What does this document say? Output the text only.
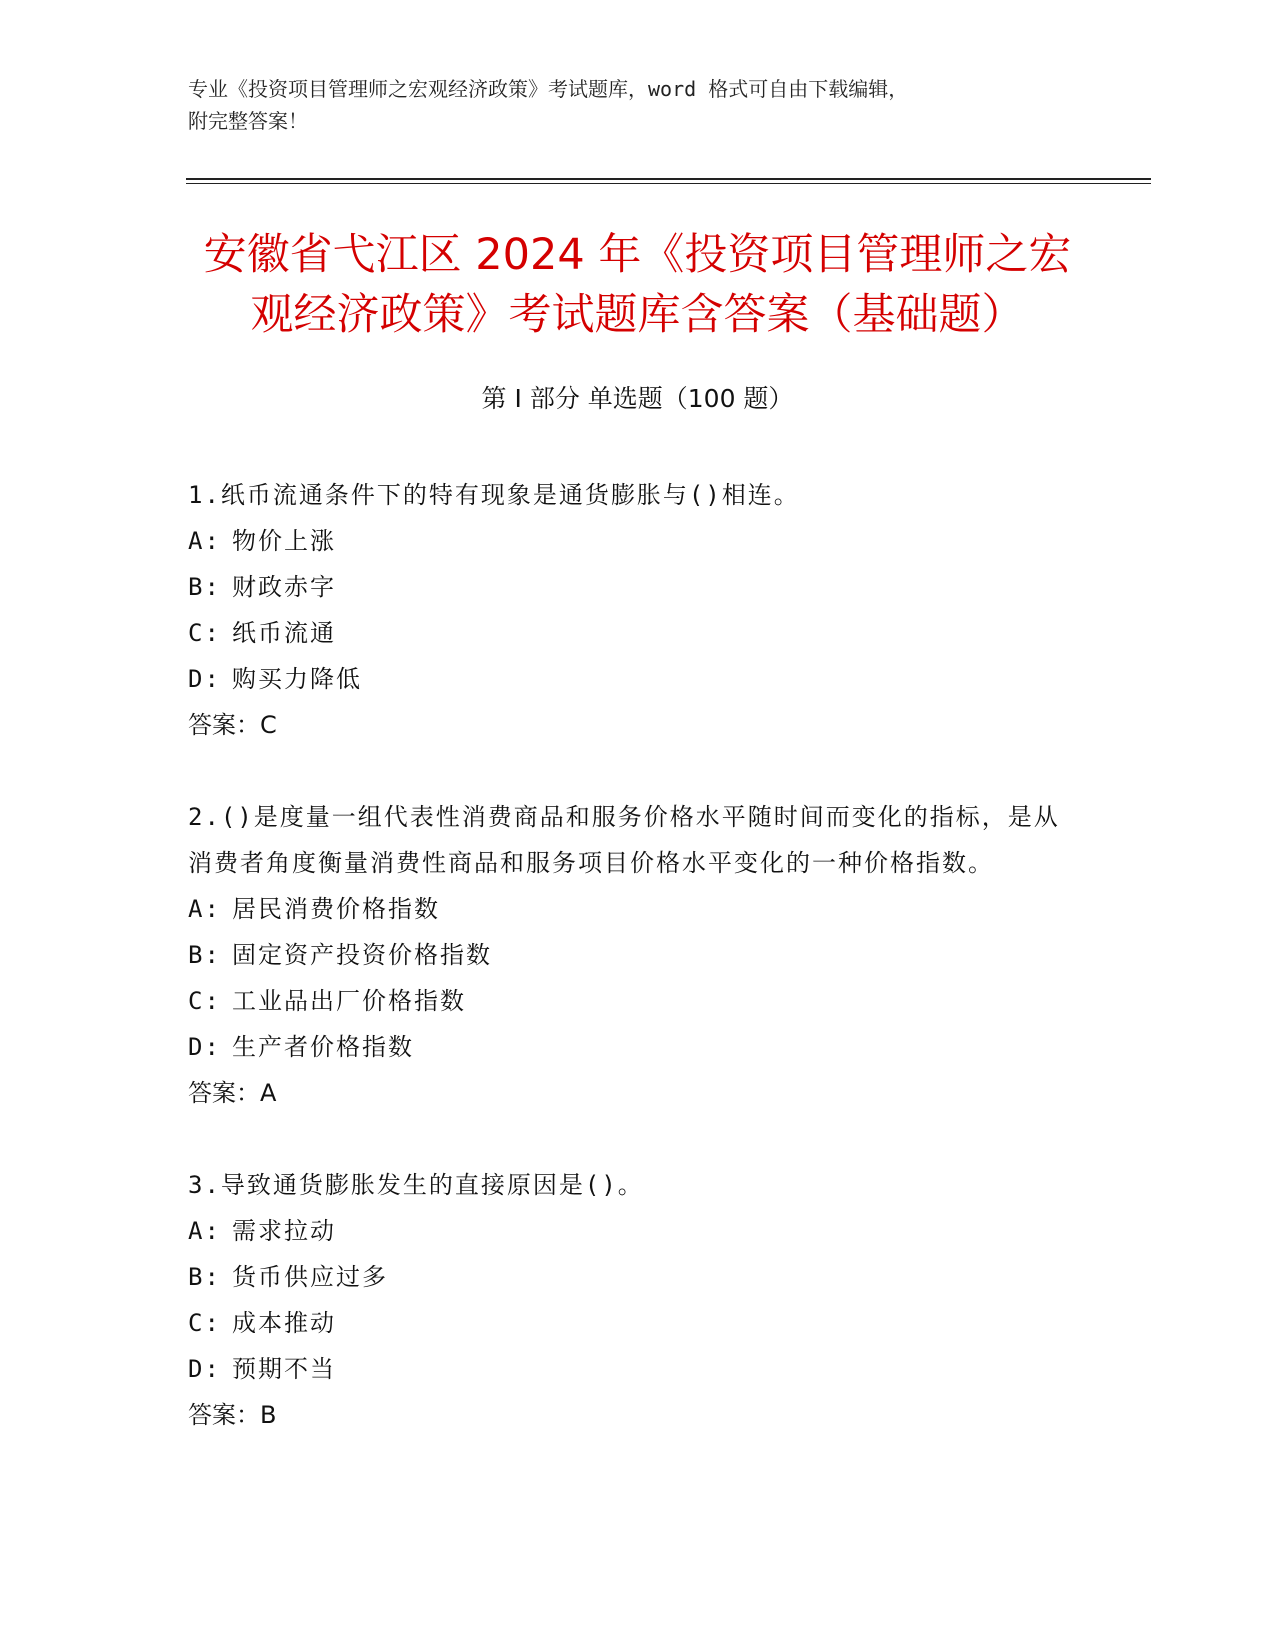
专业《投资项目管理师之宏观经济政策》考试题库，word 格式可自由下载编辑，
附完整答案！
安徽省弋江区 2024 年《投资项目管理师之宏
观经济政策》考试题库含答案（基础题）
第 I 部分 单选题（100 题）

1.纸币流通条件下的特有现象是通货膨胀与()相连。

A: 物价上涨
B: 财政赤字
C: 纸币流通
D: 购买力降低
答案：C

2.()是度量一组代表性消费商品和服务价格水平随时间而变化的指标，是从消费者角度衡量消费性商品和服务项目价格水平变化的一种价格指数。

A: 居民消费价格指数
B: 固定资产投资价格指数
C: 工业品出厂价格指数
D: 生产者价格指数
答案：A

3.导致通货膨胀发生的直接原因是()。

A: 需求拉动
B: 货币供应过多
C: 成本推动
D: 预期不当
答案：B
